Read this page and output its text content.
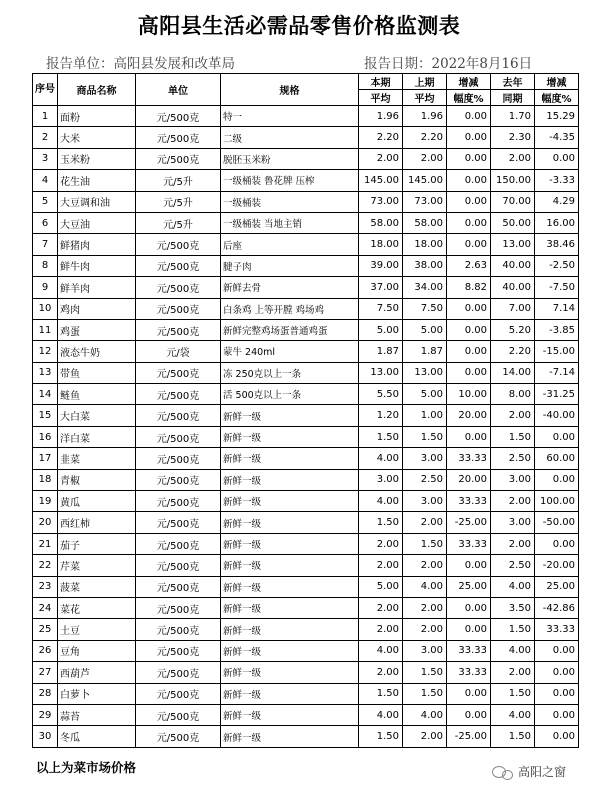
高阳县生活必需品零售价格监测表
报告单位：高阳县发展和改革局	报告日期：2022年8月16日
序号	商品名称	单位	规格	本期	上期	增减	去年	增减
				平均	平均	幅度%	同期	幅度%
1	面粉	元/500克	特一	1.96	1.96	0.00	1.70	15.29
2	大米	元/500克	二级	2.20	2.20	0.00	2.30	-4.35
3	玉米粉	元/500克	脱胚玉米粉	2.00	2.00	0.00	2.00	0.00
4	花生油	元/5升	一级桶装 鲁花牌 压榨	145.00	145.00	0.00	150.00	-3.33
5	大豆调和油	元/5升	一级桶装	73.00	73.00	0.00	70.00	4.29
6	大豆油	元/5升	一级桶装 当地主销	58.00	58.00	0.00	50.00	16.00
7	鲜猪肉	元/500克	后座	18.00	18.00	0.00	13.00	38.46
8	鲜牛肉	元/500克	腱子肉	39.00	38.00	2.63	40.00	-2.50
9	鲜羊肉	元/500克	新鲜去骨	37.00	34.00	8.82	40.00	-7.50
10	鸡肉	元/500克	白条鸡 上等开膛 鸡场鸡	7.50	7.50	0.00	7.00	7.14
11	鸡蛋	元/500克	新鲜完整鸡场蛋普通鸡蛋	5.00	5.00	0.00	5.20	-3.85
12	液态牛奶	元/袋	蒙牛 240ml	1.87	1.87	0.00	2.20	-15.00
13	带鱼	元/500克	冻 250克以上一条	13.00	13.00	0.00	14.00	-7.14
14	鲢鱼	元/500克	活 500克以上一条	5.50	5.00	10.00	8.00	-31.25
15	大白菜	元/500克	新鲜一级	1.20	1.00	20.00	2.00	-40.00
16	洋白菜	元/500克	新鲜一级	1.50	1.50	0.00	1.50	0.00
17	韭菜	元/500克	新鲜一级	4.00	3.00	33.33	2.50	60.00
18	青椒	元/500克	新鲜一级	3.00	2.50	20.00	3.00	0.00
19	黄瓜	元/500克	新鲜一级	4.00	3.00	33.33	2.00	100.00
20	西红柿	元/500克	新鲜一级	1.50	2.00	-25.00	3.00	-50.00
21	茄子	元/500克	新鲜一级	2.00	1.50	33.33	2.00	0.00
22	芹菜	元/500克	新鲜一级	2.00	2.00	0.00	2.50	-20.00
23	菠菜	元/500克	新鲜一级	5.00	4.00	25.00	4.00	25.00
24	菜花	元/500克	新鲜一级	2.00	2.00	0.00	3.50	-42.86
25	土豆	元/500克	新鲜一级	2.00	2.00	0.00	1.50	33.33
26	豆角	元/500克	新鲜一级	4.00	3.00	33.33	4.00	0.00
27	西葫芦	元/500克	新鲜一级	2.00	1.50	33.33	2.00	0.00
28	白萝卜	元/500克	新鲜一级	1.50	1.50	0.00	1.50	0.00
29	蒜苔	元/500克	新鲜一级	4.00	4.00	0.00	4.00	0.00
30	冬瓜	元/500克	新鲜一级	1.50	2.00	-25.00	1.50	0.00
以上为菜市场价格	高阳之窗
